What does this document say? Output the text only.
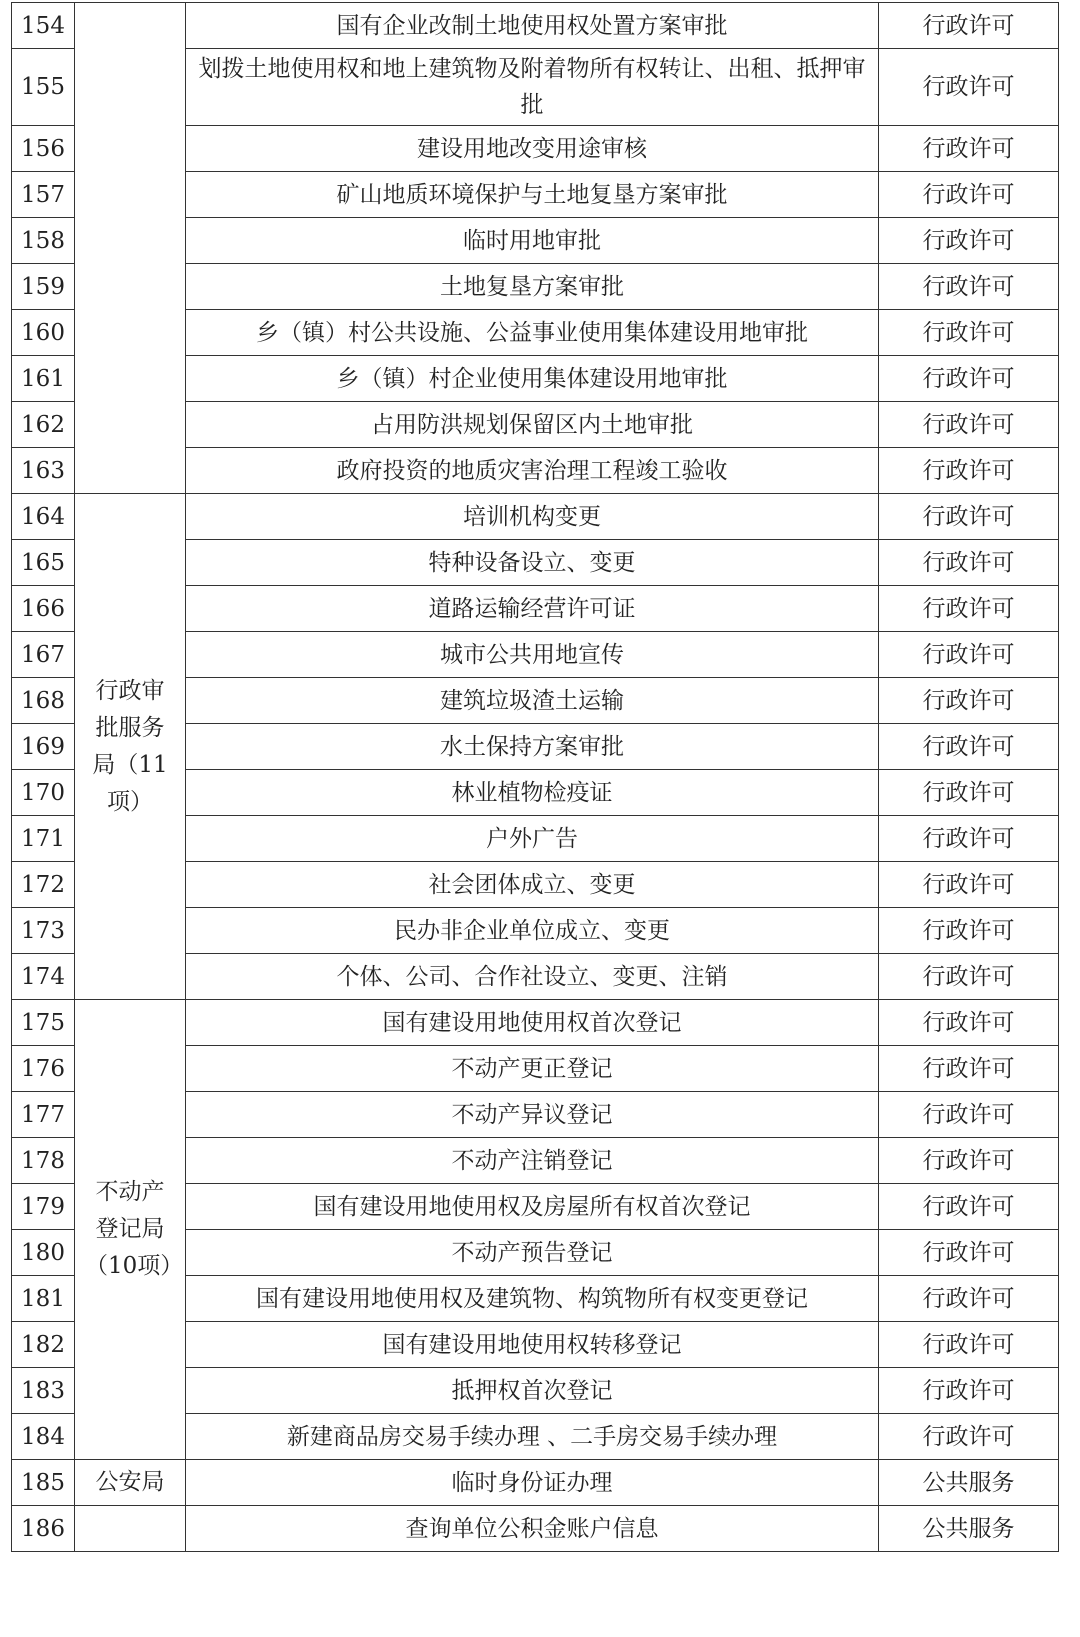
154		国有企业改制土地使用权处置方案审批	行政许可
155		划拨土地使用权和地上建筑物及附着物所有权转让、出租、抵押审批	行政许可
156		建设用地改变用途审核	行政许可
157		矿山地质环境保护与土地复垦方案审批	行政许可
158		临时用地审批	行政许可
159		土地复垦方案审批	行政许可
160		乡（镇）村公共设施、公益事业使用集体建设用地审批	行政许可
161		乡（镇）村企业使用集体建设用地审批	行政许可
162		占用防洪规划保留区内土地审批	行政许可
163		政府投资的地质灾害治理工程竣工验收	行政许可
164	行政审批服务局（11项）	培训机构变更	行政许可
165		特种设备设立、变更	行政许可
166		道路运输经营许可证	行政许可
167		城市公共用地宣传	行政许可
168		建筑垃圾渣土运输	行政许可
169		水土保持方案审批	行政许可
170		林业植物检疫证	行政许可
171		户外广告	行政许可
172		社会团体成立、变更	行政许可
173		民办非企业单位成立、变更	行政许可
174		个体、公司、合作社设立、变更、注销	行政许可
175	不动产登记局（10项）	国有建设用地使用权首次登记	行政许可
176		不动产更正登记	行政许可
177		不动产异议登记	行政许可
178		不动产注销登记	行政许可
179		国有建设用地使用权及房屋所有权首次登记	行政许可
180		不动产预告登记	行政许可
181		国有建设用地使用权及建筑物、构筑物所有权变更登记	行政许可
182		国有建设用地使用权转移登记	行政许可
183		抵押权首次登记	行政许可
184		新建商品房交易手续办理 、二手房交易手续办理	行政许可
185	公安局	临时身份证办理	公共服务
186		查询单位公积金账户信息	公共服务
